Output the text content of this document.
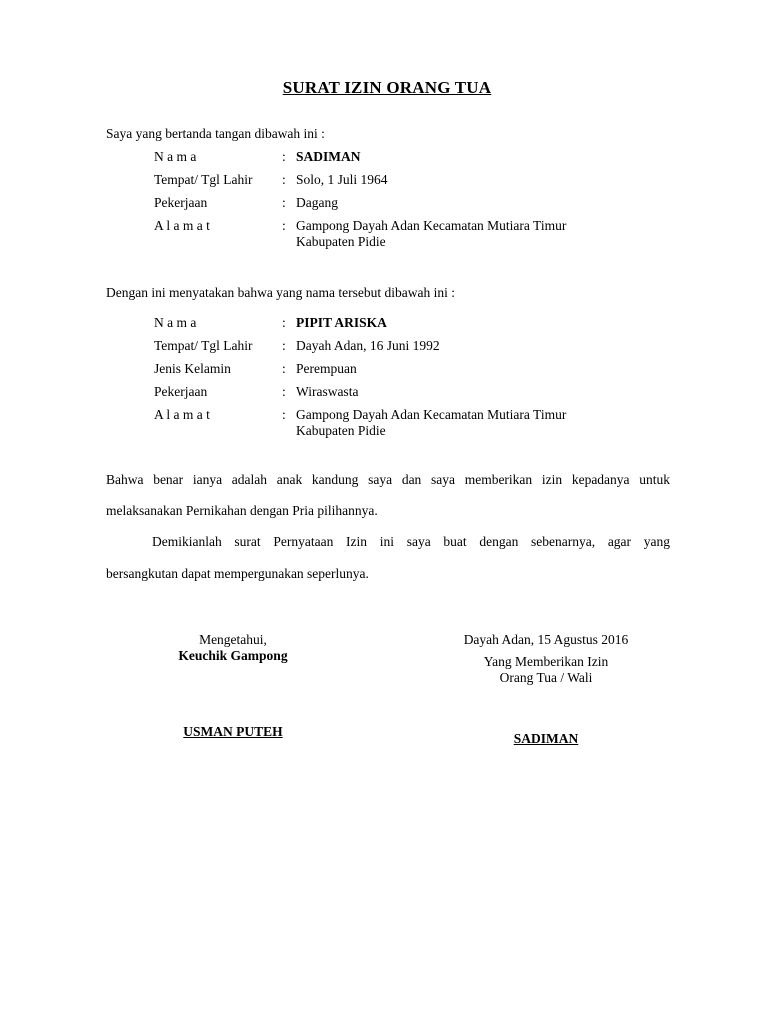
SURAT IZIN ORANG TUA
Saya yang bertanda tangan dibawah ini :
N a m a	: SADIMAN
Tempat/ Tgl Lahir	: Solo, 1 Juli 1964
Pekerjaan	: Dagang
A l a m a t	: Gampong Dayah Adan Kecamatan Mutiara Timur
Kabupaten Pidie
Dengan ini menyatakan bahwa yang nama tersebut dibawah ini :
N a m a	: PIPIT ARISKA
Tempat/ Tgl Lahir	: Dayah Adan, 16 Juni 1992
Jenis Kelamin	: Perempuan
Pekerjaan	: Wiraswasta
A l a m a t	: Gampong Dayah Adan Kecamatan Mutiara Timur
Kabupaten Pidie
Bahwa benar ianya adalah anak kandung saya dan saya memberikan izin kepadanya untuk
melaksanakan Pernikahan dengan Pria pilihannya.
Demikianlah surat Pernyataan Izin ini saya buat dengan sebenarnya, agar yang
bersangkutan dapat mempergunakan seperlunya.
Mengetahui,
Keuchik Gampong
USMAN PUTEH
Dayah Adan, 15 Agustus 2016
Yang Memberikan Izin
Orang Tua / Wali
SADIMAN
